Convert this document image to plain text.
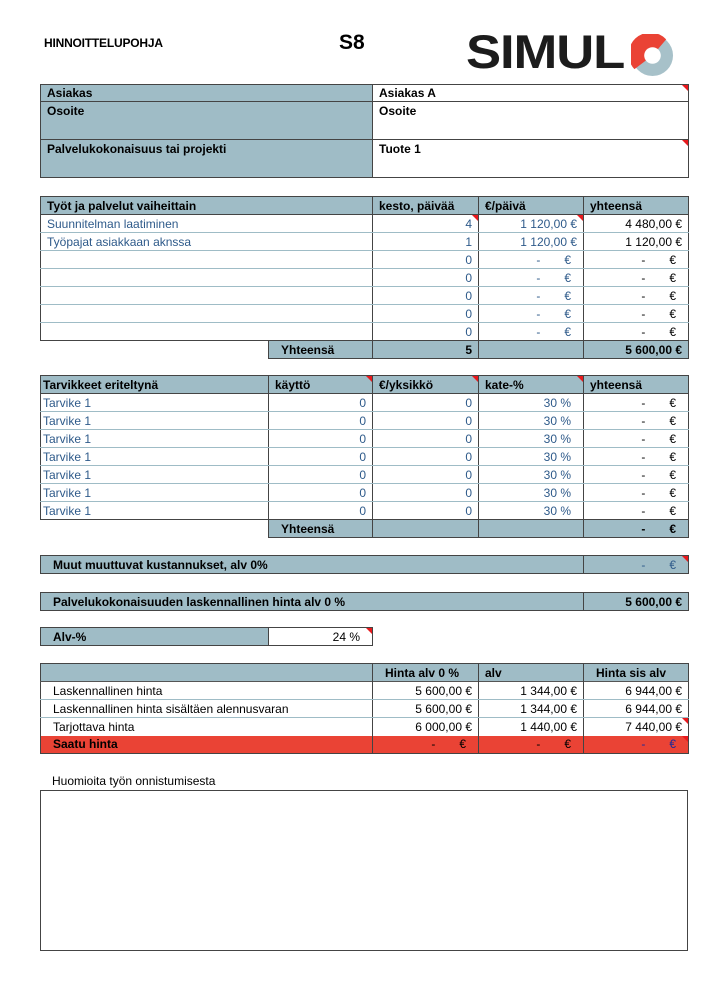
HINNOITTELUPOHJA	S8 SIMUL
Asiakas	Asiakas A
Osoite	Osoite
Palvelukokonaisuus tai projekti	Tuote 1
Työt ja palvelut vaiheittain		kesto, päivää	€/päivä	yhteensä
Suunnitelman laatiminen		4	1 120,00 €	4 480,00 €
Työpajat asiakkaan aknssa		1	1 120,00 €	1 120,00 €
		0	- €	- €

		0	- €	- €

		0	- €	- €

		0	- €	- €

		0	- €	- €

	Yhteensä	5		5 600,00 €
Tarvikkeet eriteltynä	käyttö	€/yksikkö	kate-%	yhteensä
Tarvike 1	0	0	30 %	- €

Tarvike 1	0	0	30 %	- €

Tarvike 1	0	0	30 %	- €

Tarvike 1	0	0	30 %	- €

Tarvike 1	0	0	30 %	- €

Tarvike 1	0	0	30 %	- €

Tarvike 1	0	0	30 %	- €

	Yhteensä			- €
Muut muuttuvat kustannukset, alv 0%	- €
Palvelukokonaisuuden laskennallinen hinta alv 0 %	5 600,00 €
Alv-%	24 %
	Hinta alv 0 %	alv	Hinta sis alv
Laskennallinen hinta	5 600,00 €	1 344,00 €	6 944,00 €
Laskennallinen hinta sisältäen alennusvaran	5 600,00 €	1 344,00 €	6 944,00 €
Tarjottava hinta	6 000,00 €	1 440,00 €	7 440,00 €
Saatu hinta	- €	- €	- €
Huomioita työn onnistumisesta
